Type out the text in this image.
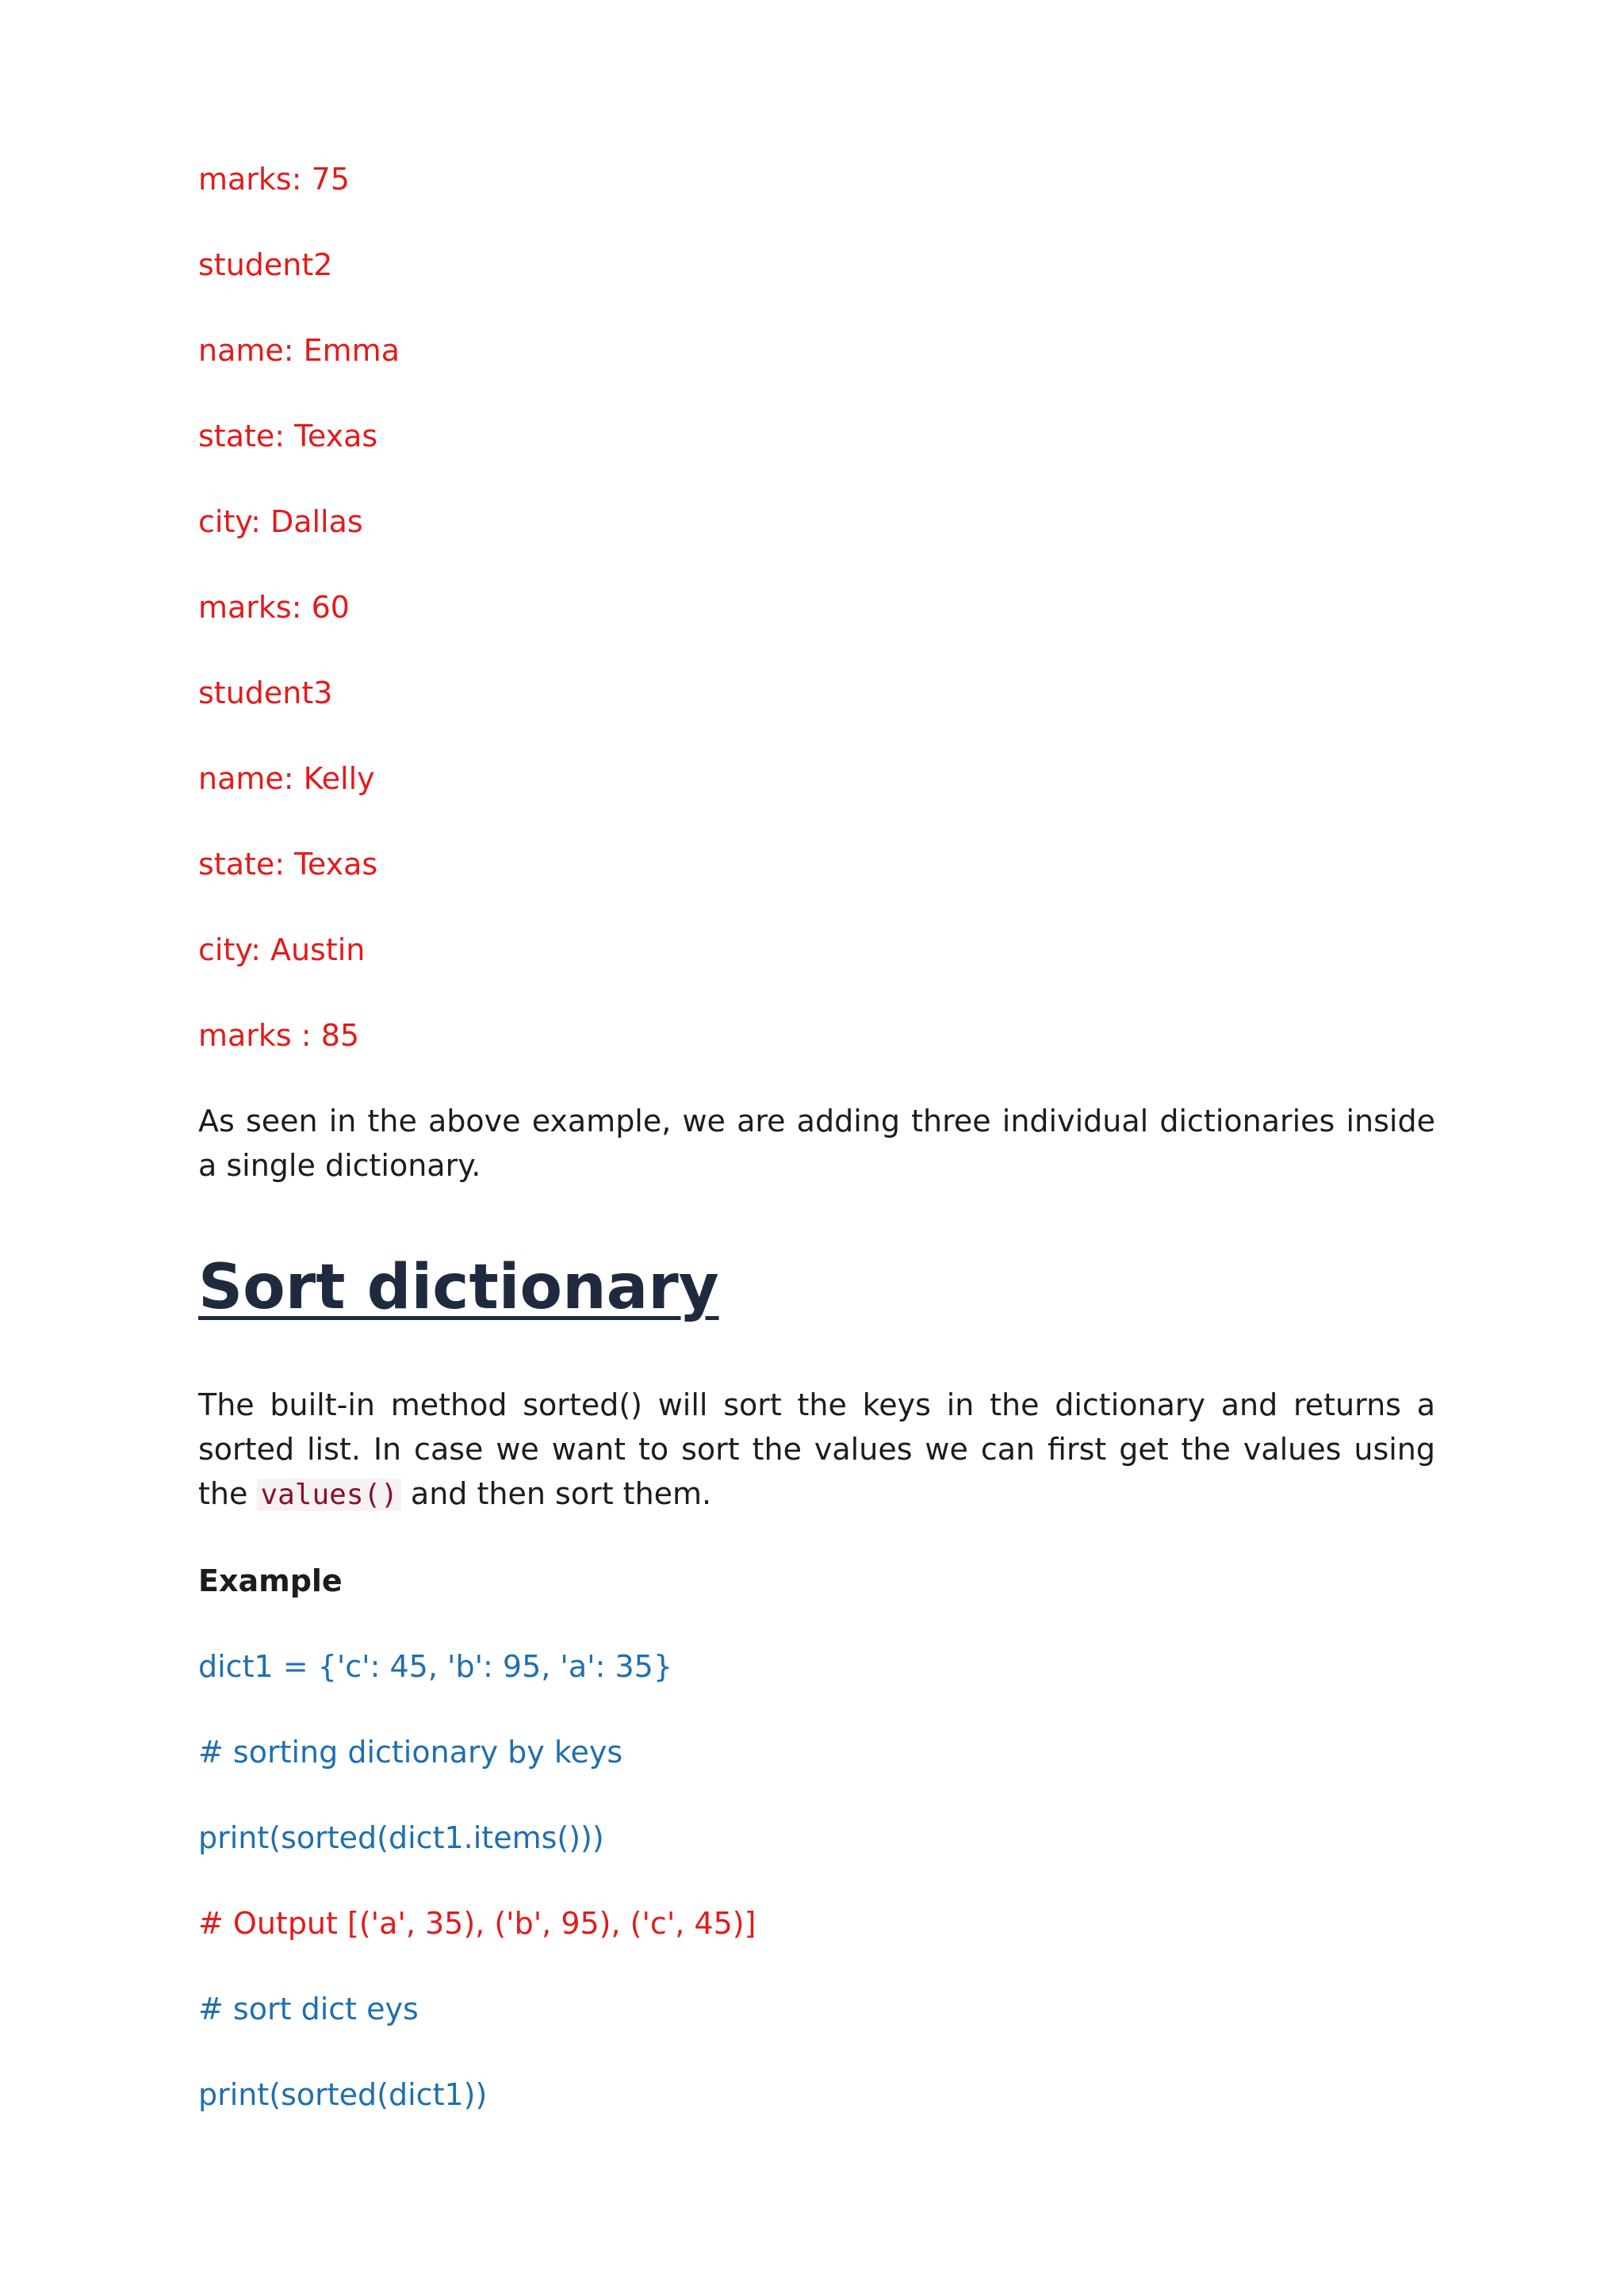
marks: 75
student2
name: Emma
state: Texas
city: Dallas
marks: 60
student3
name: Kelly
state: Texas
city: Austin
marks : 85

As seen in the above example, we are adding three individual dictionaries inside a single dictionary.

Sort dictionary

The built-in method sorted() will sort the keys in the dictionary and returns a sorted list. In case we want to sort the values we can first get the values using the values() and then sort them.

Example
dict1 = {'c': 45, 'b': 95, 'a': 35}
# sorting dictionary by keys
print(sorted(dict1.items()))
# Output [('a', 35), ('b', 95), ('c', 45)]
# sort dict eys
print(sorted(dict1))
